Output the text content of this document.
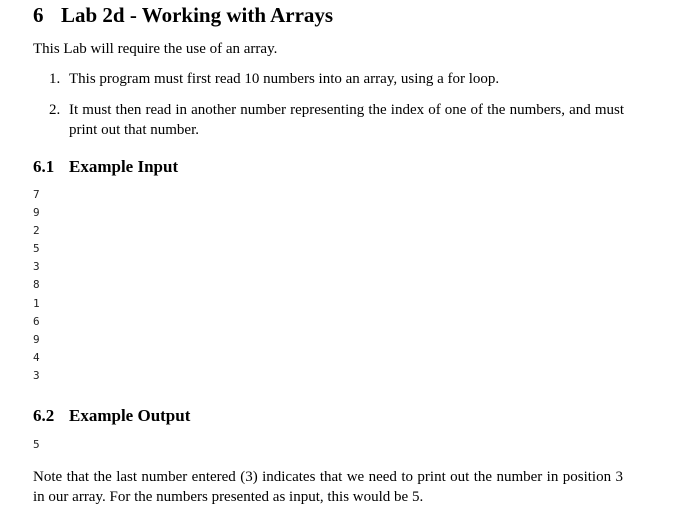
6 Lab 2d - Working with Arrays

This Lab will require the use of an array.

1. This program must first read 10 numbers into an array, using a for loop.
2. It must then read in another number representing the index of one of the numbers, and must print out that number.
6.1 Example Input
7
9
2
5
3
8
1
6
9
4
3
6.2 Example Output
5

Note that the last number entered (3) indicates that we need to print out the number in position 3 in our array. For the numbers presented as input, this would be 5.
